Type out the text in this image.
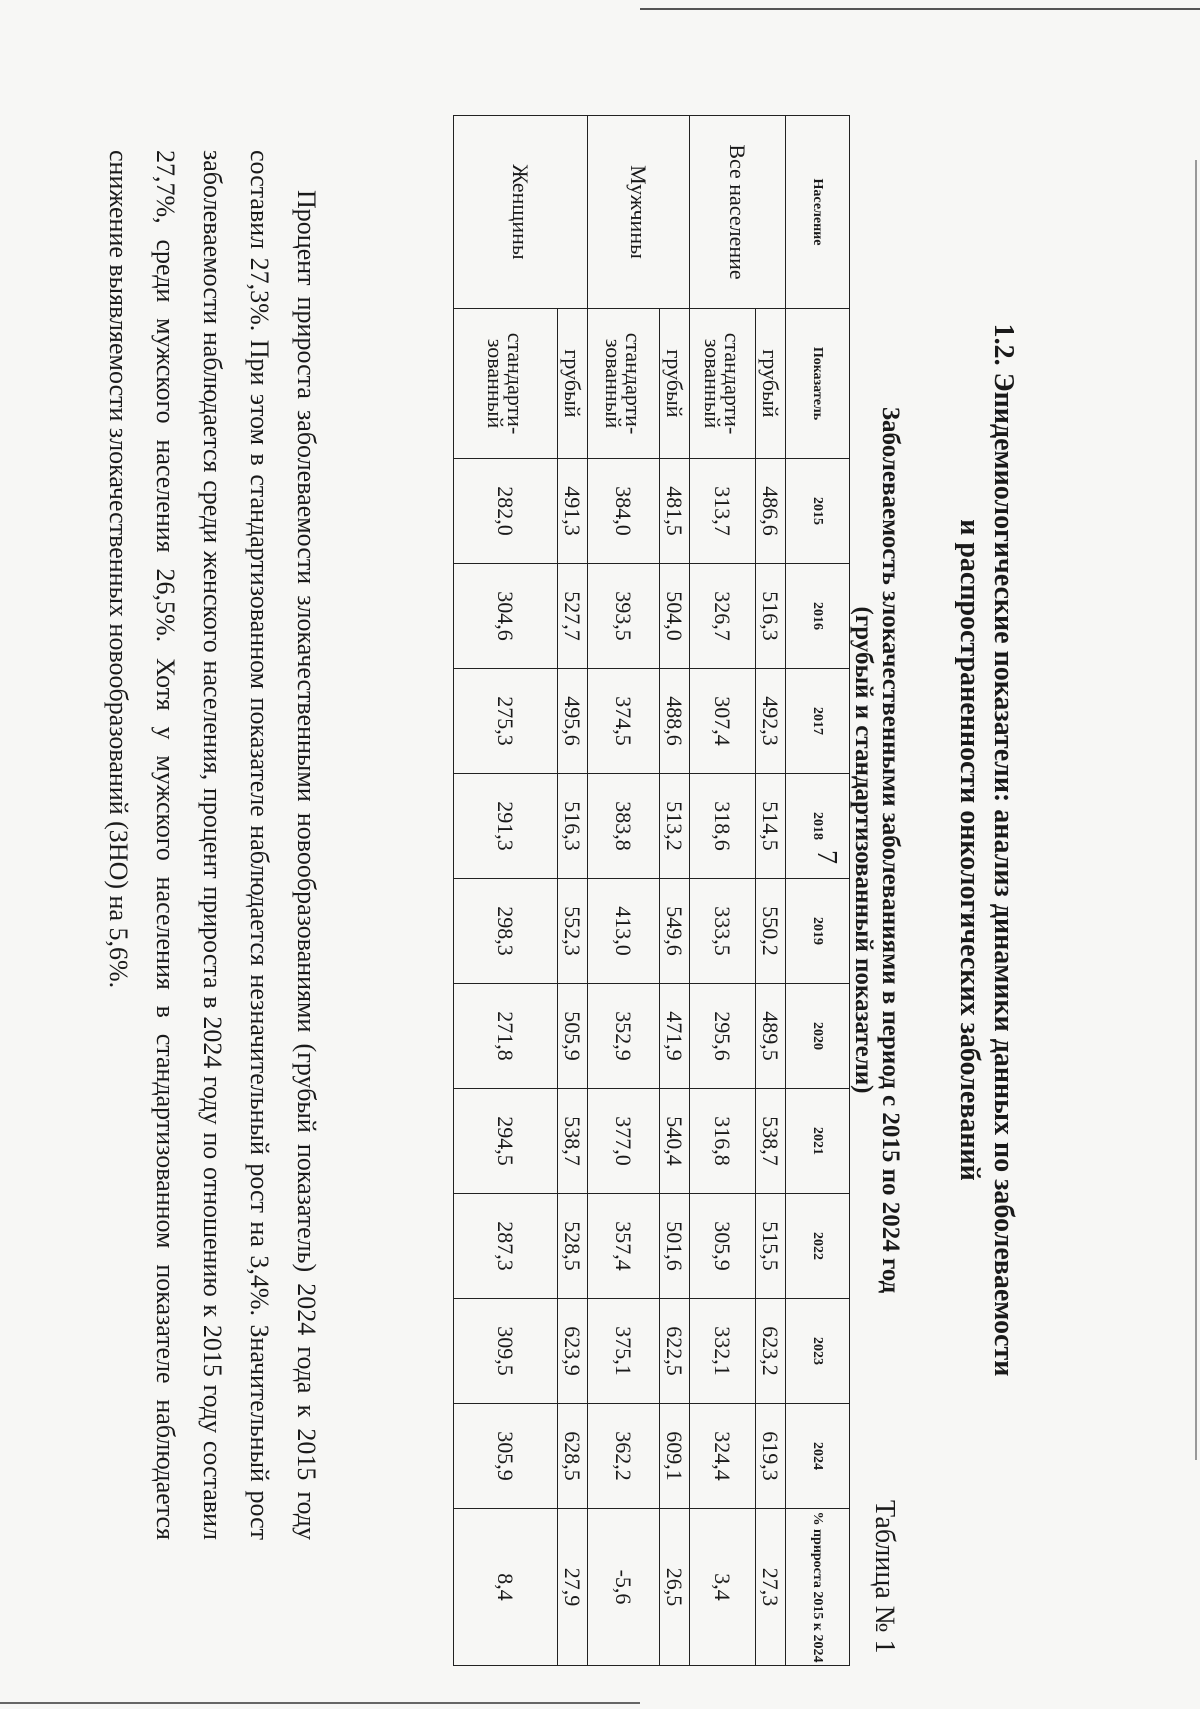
7	1.2. Эпидемиологические показатели: анализ динамики данных по заболеваемости
и распространенности онкологических заболеваний
Таблица № 1
Заболеваемость злокачественными заболеваниями в период с 2015 по 2024 год
(грубый и стандартизованный показатели)
Население	Показатель	2015	2016	2017	2018	2019	2020	2021	2022	2023	2024	% прироста 2015 к 2024
Все население	грубый	486,6	516,3	492,3	514,5	550,2	489,5	538,7	515,5	623,2	619,3	27,3
	стандарти-зованный	313,7	326,7	307,4	318,6	333,5	295,6	316,8	305,9	332,1	324,4	3,4
Мужчины	грубый	481,5	504,0	488,6	513,2	549,6	471,9	540,4	501,6	622,5	609,1	26,5
	стандарти-зованный	384,0	393,5	374,5	383,8	413,0	352,9	377,0	357,4	375,1	362,2	-5,6
Женщины	грубый	491,3	527,7	495,6	516,3	552,3	505,9	538,7	528,5	623,9	628,5	27,9
	стандарти-зованный	282,0	304,6	275,3	291,3	298,3	271,8	294,5	287,3	309,5	305,9	8,4

Процент прироста заболеваемости злокачественными новообразованиями (грубый показатель) 2024 года к 2015 году составил 27,3%. При этом в стандартизованном показателе наблюдается незначительный рост на 3,4%. Значительный рост заболеваемости наблюдается среди женского населения, процент прироста в 2024 году по отношению к 2015 году составил 27,7%, среди мужского населения 26,5%. Хотя у мужского населения в стандартизованном показателе наблюдается снижение выявляемости злокачественных новообразований (ЗНО) на 5,6%.
